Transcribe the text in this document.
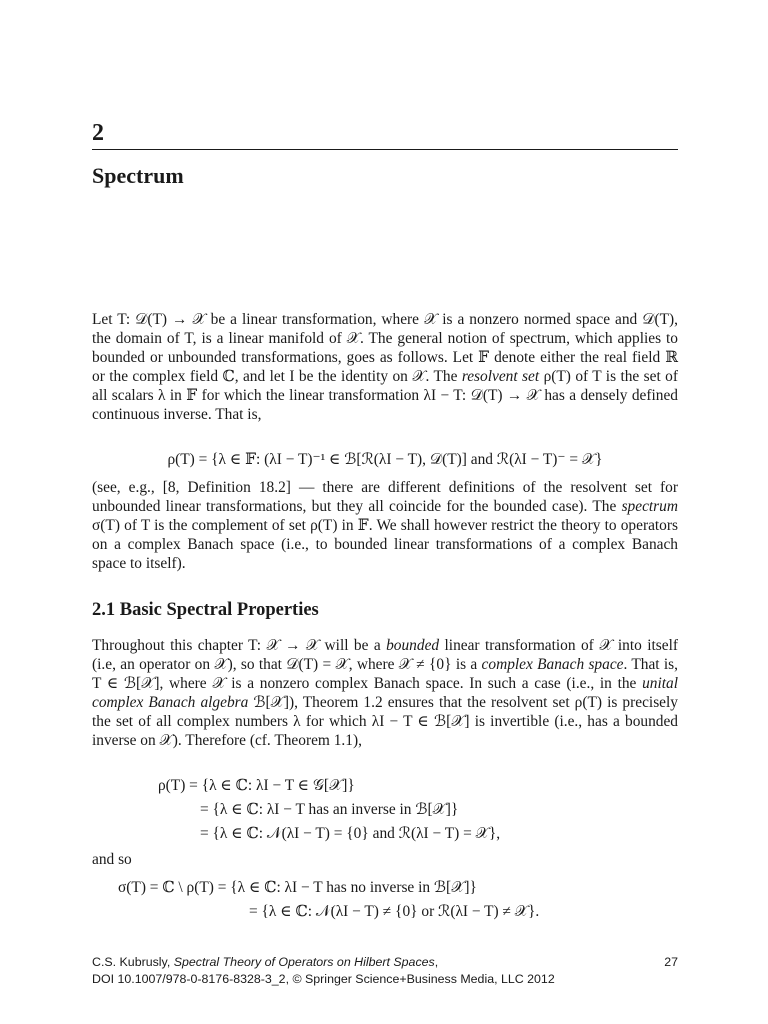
2
Spectrum
Let T: 𝒟(T) → 𝒳 be a linear transformation, where 𝒳 is a nonzero normed space and 𝒟(T), the domain of T, is a linear manifold of 𝒳. The general notion of spectrum, which applies to bounded or unbounded transformations, goes as follows. Let 𝔽 denote either the real field ℝ or the complex field ℂ, and let I be the identity on 𝒳. The resolvent set ρ(T) of T is the set of all scalars λ in 𝔽 for which the linear transformation λI − T: 𝒟(T) → 𝒳 has a densely defined continuous inverse. That is,
ρ(T) = {λ ∈ 𝔽: (λI − T)⁻¹ ∈ ℬ[ℛ(λI − T), 𝒟(T)] and ℛ(λI − T)⁻ = 𝒳}
(see, e.g., [8, Definition 18.2] — there are different definitions of the resolvent set for unbounded linear transformations, but they all coincide for the bounded case). The spectrum σ(T) of T is the complement of set ρ(T) in 𝔽. We shall however restrict the theory to operators on a complex Banach space (i.e., to bounded linear transformations of a complex Banach space to itself).
2.1 Basic Spectral Properties
Throughout this chapter T: 𝒳 → 𝒳 will be a bounded linear transformation of 𝒳 into itself (i.e, an operator on 𝒳), so that 𝒟(T) = 𝒳, where 𝒳 ≠ {0} is a complex Banach space. That is, T ∈ ℬ[𝒳], where 𝒳 is a nonzero complex Banach space. In such a case (i.e., in the unital complex Banach algebra ℬ[𝒳]), Theorem 1.2 ensures that the resolvent set ρ(T) is precisely the set of all complex numbers λ for which λI − T ∈ ℬ[𝒳] is invertible (i.e., has a bounded inverse on 𝒳). Therefore (cf. Theorem 1.1),
ρ(T) = {λ ∈ ℂ: λI − T ∈ 𝒢[𝒳]}
= {λ ∈ ℂ: λI − T has an inverse in ℬ[𝒳]}
= {λ ∈ ℂ: 𝒩(λI − T) = {0} and ℛ(λI − T) = 𝒳},
and so
σ(T) = ℂ \ ρ(T) = {λ ∈ ℂ: λI − T has no inverse in ℬ[𝒳]}
= {λ ∈ ℂ: 𝒩(λI − T) ≠ {0} or ℛ(λI − T) ≠ 𝒳}.
C.S. Kubrusly, Spectral Theory of Operators on Hilbert Spaces,
DOI 10.1007/978-0-8176-8328-3_2, © Springer Science+Business Media, LLC 2012
27
